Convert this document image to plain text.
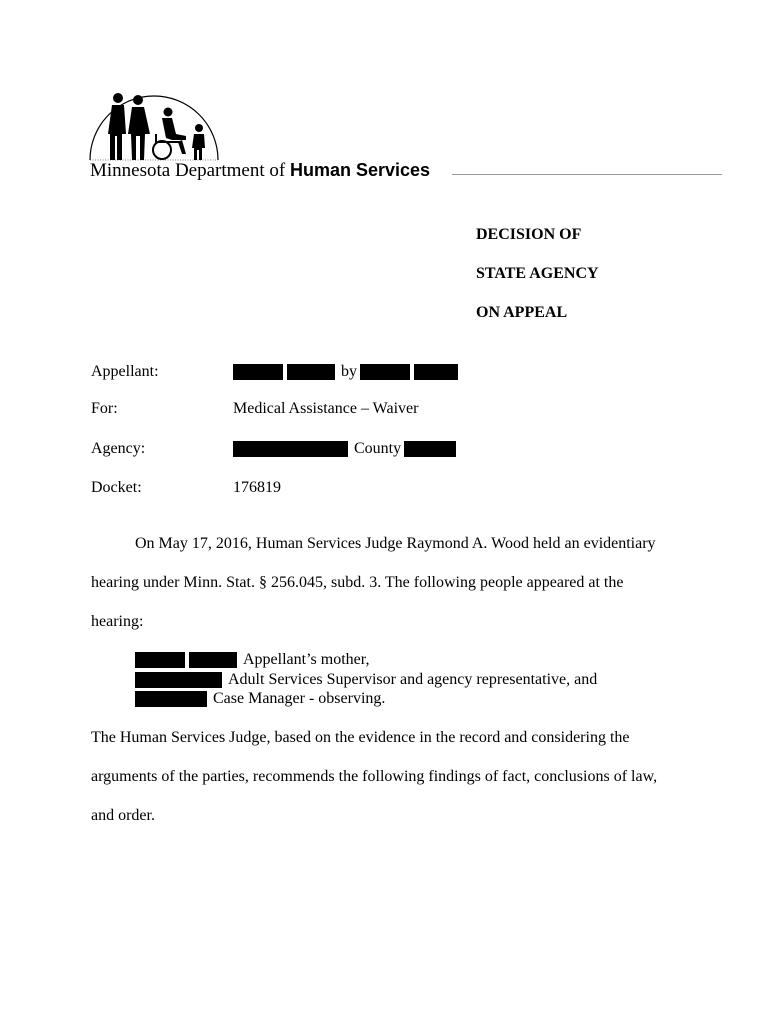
Minnesota Department of Human Services
DECISION OF
STATE AGENCY
ON APPEAL
Appellant:	by
For:	Medical Assistance – Waiver
Agency:	County
Docket:	176819
On May 17, 2016, Human Services Judge Raymond A. Wood held an evidentiary
hearing under Minn. Stat. § 256.045, subd. 3. The following people appeared at the
hearing:
Appellant’s mother,
Adult Services Supervisor and agency representative, and
Case Manager - observing.
The Human Services Judge, based on the evidence in the record and considering the
arguments of the parties, recommends the following findings of fact, conclusions of law,
and order.
